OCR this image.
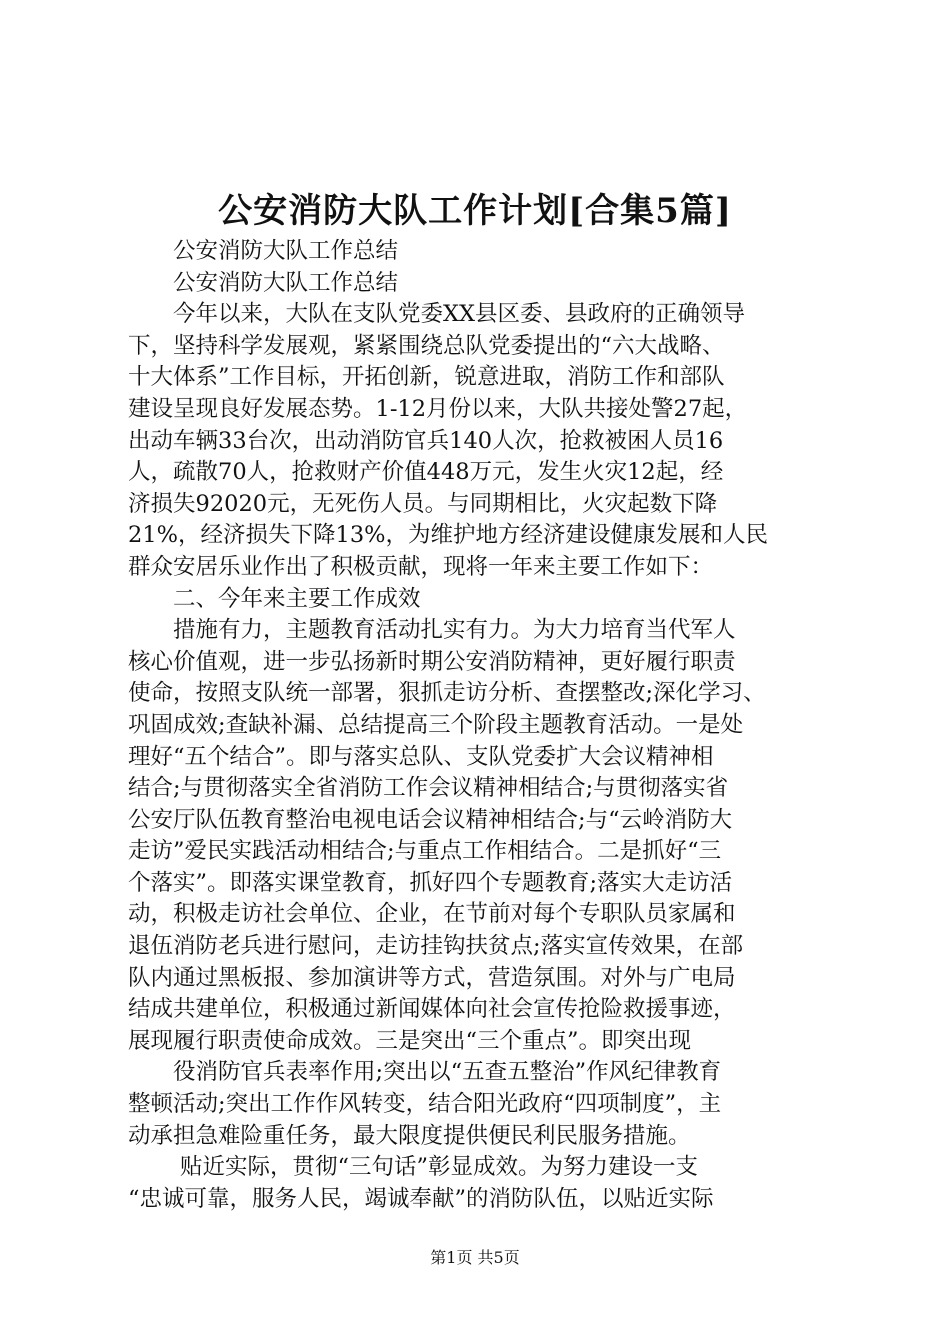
公安消防大队工作计划[合集5篇]
公安消防大队工作总结
公安消防大队工作总结
今年以来，大队在支队党委XX县区委、县政府的正确领导
下，坚持科学发展观，紧紧围绕总队党委提出的“六大战略、
十大体系”工作目标，开拓创新，锐意进取，消防工作和部队
建设呈现良好发展态势。1-12月份以来，大队共接处警27起，
出动车辆33台次，出动消防官兵140人次，抢救被困人员16
人，疏散70人，抢救财产价值448万元，发生火灾12起，经
济损失92020元，无死伤人员。与同期相比，火灾起数下降
21%，经济损失下降13%，为维护地方经济建设健康发展和人民
群众安居乐业作出了积极贡献，现将一年来主要工作如下：
二、今年来主要工作成效
措施有力，主题教育活动扎实有力。为大力培育当代军人
核心价值观，进一步弘扬新时期公安消防精神，更好履行职责
使命，按照支队统一部署，狠抓走访分析、查摆整改;深化学习、
巩固成效;查缺补漏、总结提高三个阶段主题教育活动。一是处
理好“五个结合”。即与落实总队、支队党委扩大会议精神相
结合;与贯彻落实全省消防工作会议精神相结合;与贯彻落实省
公安厅队伍教育整治电视电话会议精神相结合;与“云岭消防大
走访”爱民实践活动相结合;与重点工作相结合。二是抓好“三
个落实”。即落实课堂教育，抓好四个专题教育;落实大走访活
动，积极走访社会单位、企业，在节前对每个专职队员家属和
退伍消防老兵进行慰问，走访挂钩扶贫点;落实宣传效果，在部
队内通过黑板报、参加演讲等方式，营造氛围。对外与广电局
结成共建单位，积极通过新闻媒体向社会宣传抢险救援事迹，
展现履行职责使命成效。三是突出“三个重点”。即突出现
役消防官兵表率作用;突出以“五查五整治”作风纪律教育
整顿活动;突出工作作风转变，结合阳光政府“四项制度”，主
动承担急难险重任务，最大限度提供便民利民服务措施。
贴近实际，贯彻“三句话”彰显成效。为努力建设一支
“忠诚可靠，服务人民，竭诚奉献”的消防队伍，以贴近实际
第1页 共5页
